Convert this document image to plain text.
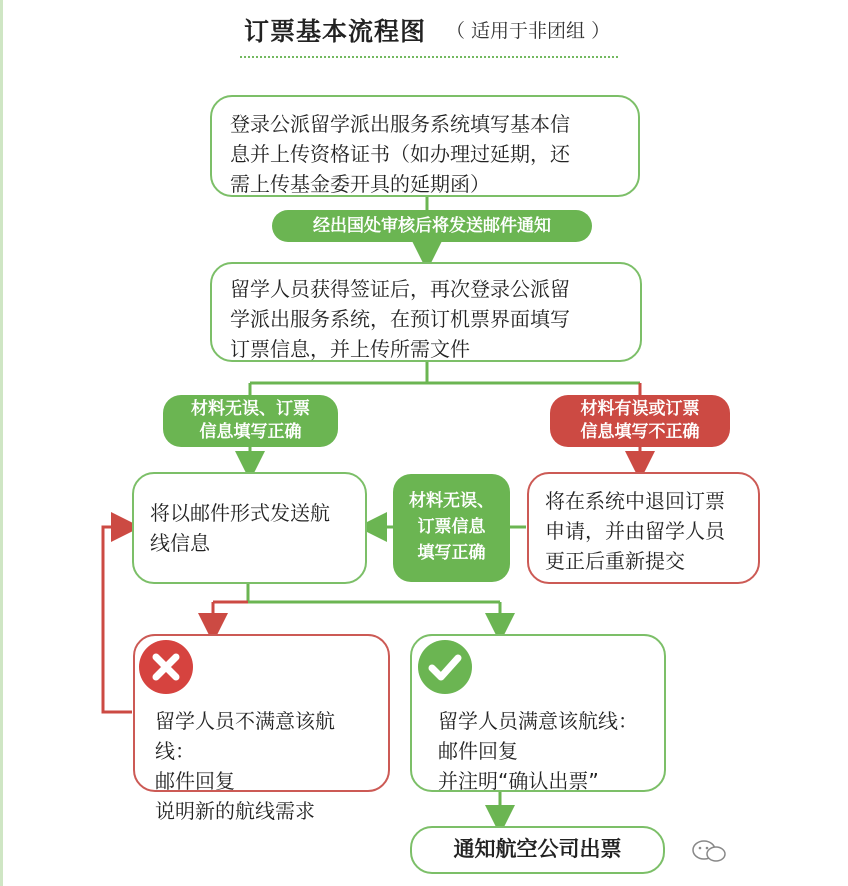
订票基本流程图 （ 适用于非团组 ）
登录公派留学派出服务系统填写基本信
息并上传资格证书（如办理过延期，还
需上传基金委开具的延期函）
经出国处审核后将发送邮件通知
留学人员获得签证后，再次登录公派留
学派出服务系统，在预订机票界面填写
订票信息，并上传所需文件
材料无误、订票
信息填写正确
材料有误或订票
信息填写不正确
将以邮件形式发送航
线信息
材料无误、
订票信息
填写正确
将在系统中退回订票
申请，并由留学人员
更正后重新提交
留学人员不满意该航线：
邮件回复
说明新的航线需求
留学人员满意该航线：
邮件回复
并注明“确认出票”
通知航空公司出票
